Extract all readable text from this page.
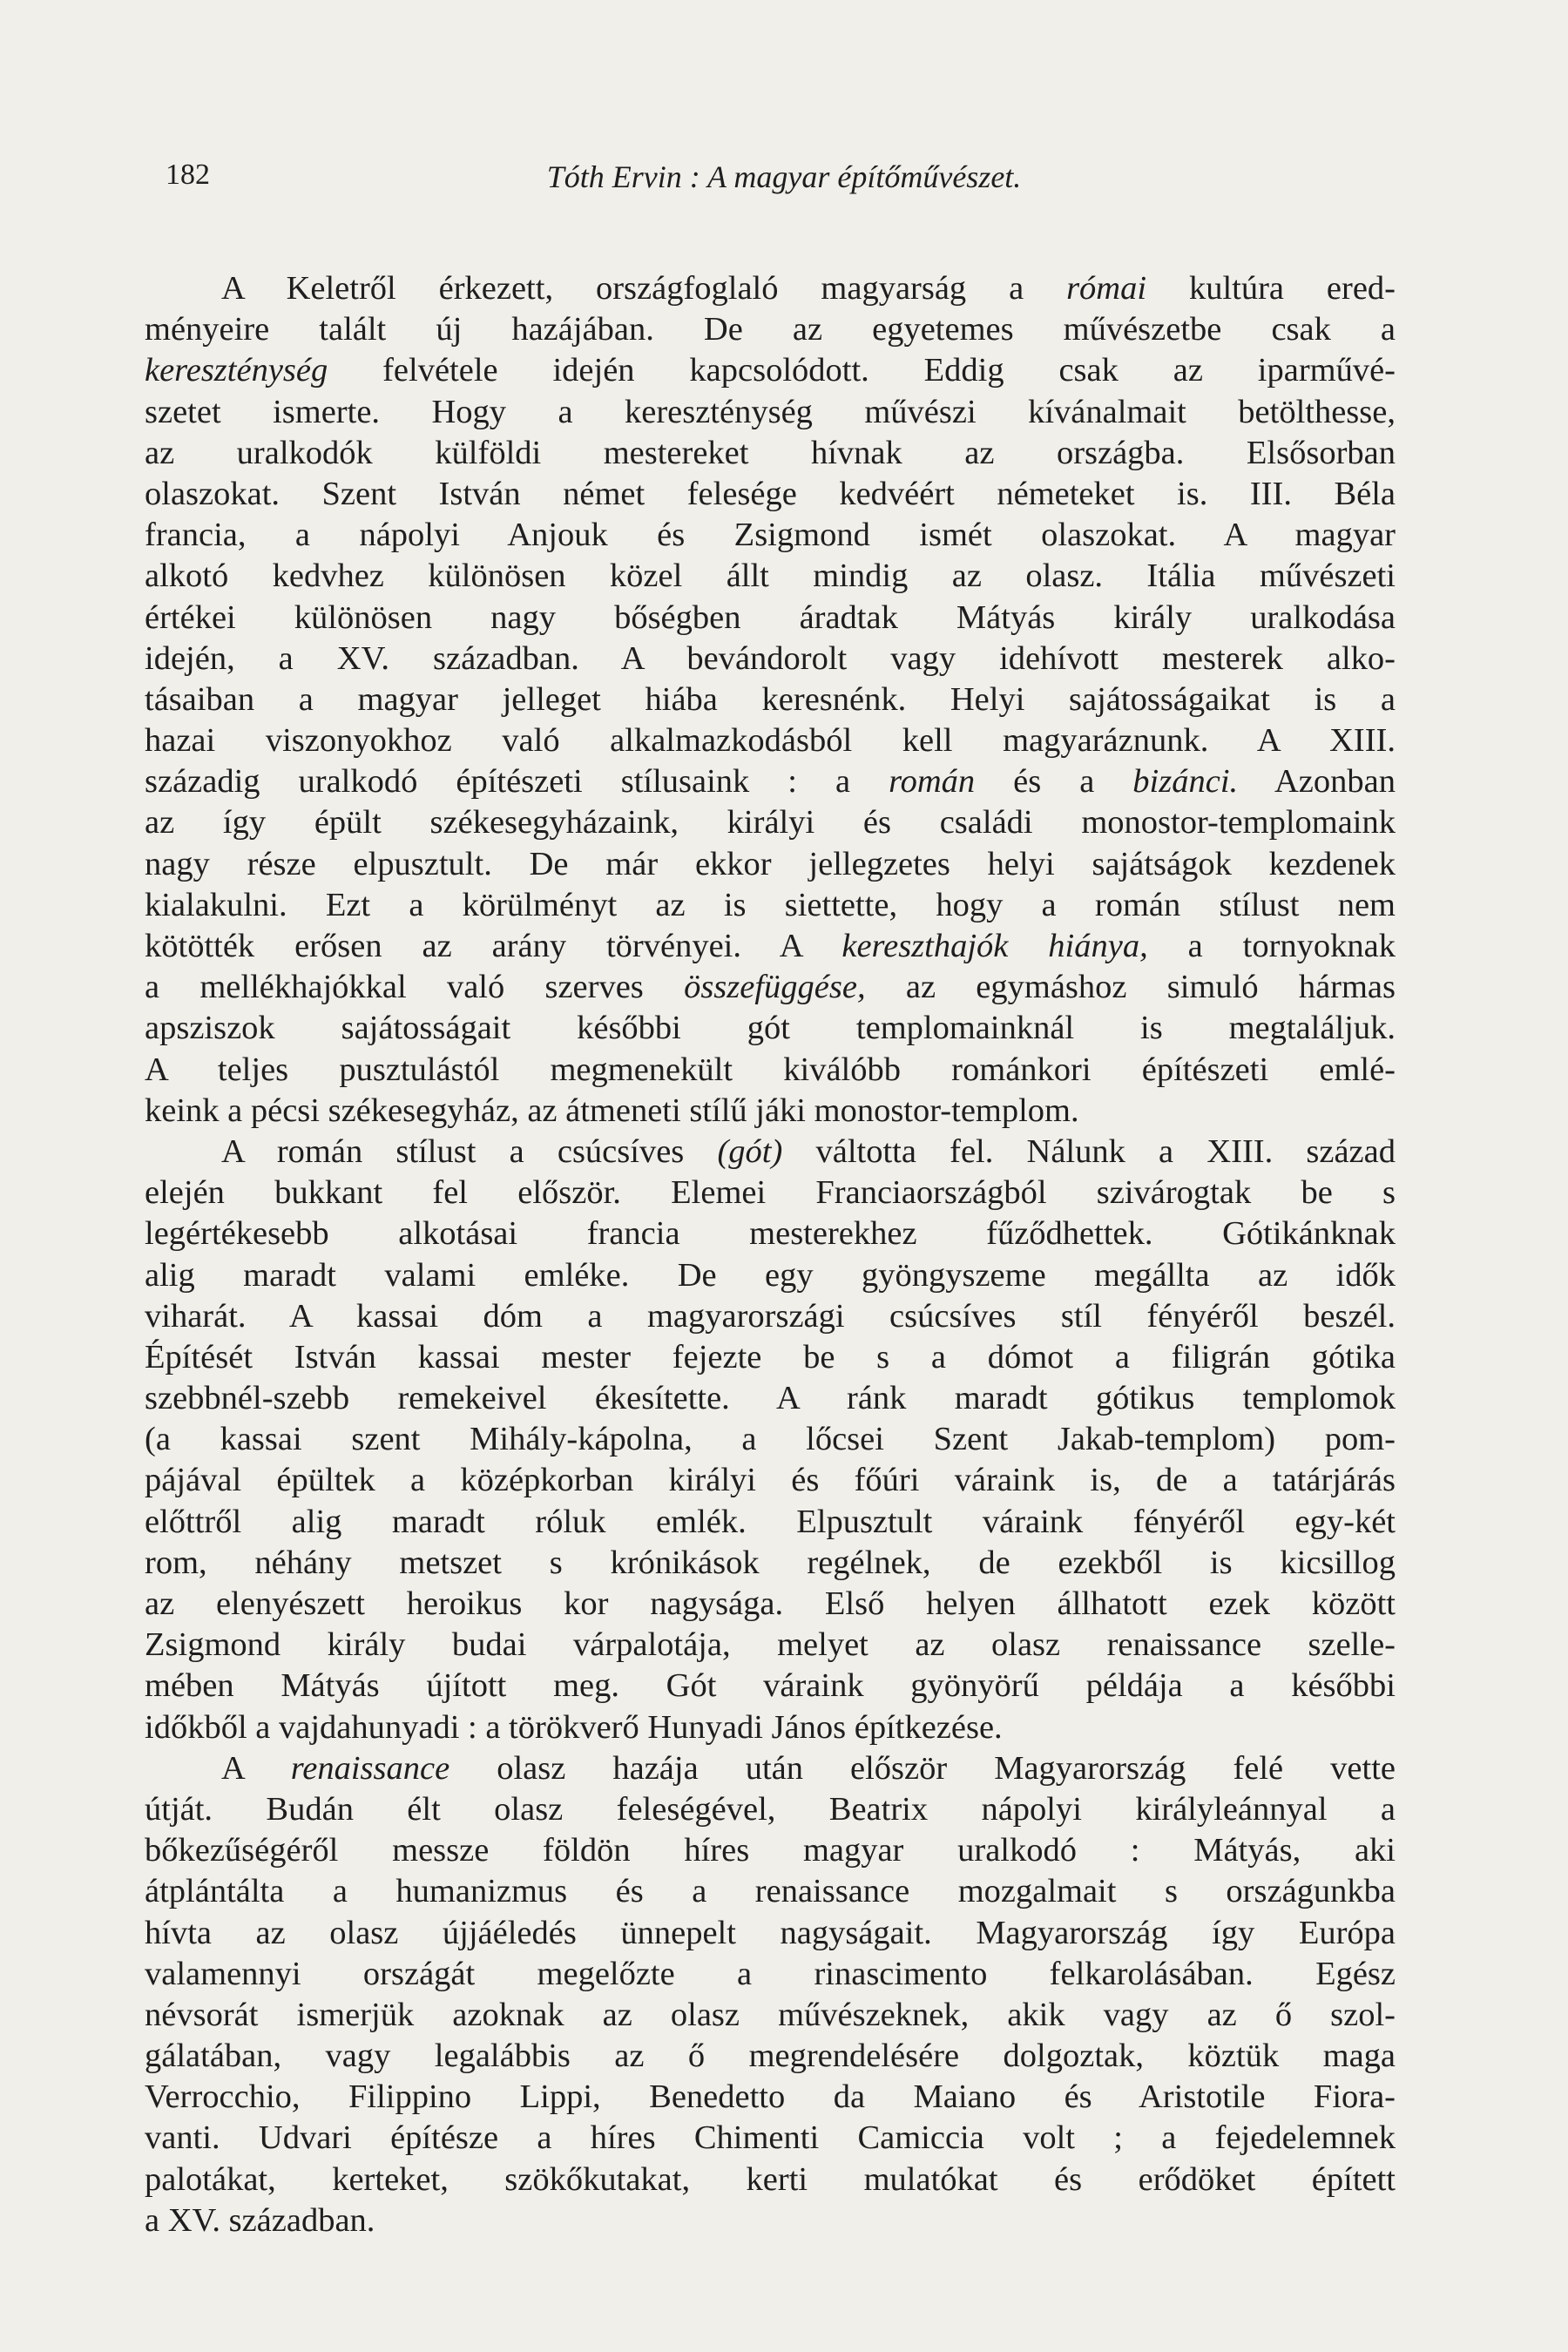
182	Tóth Ervin : A magyar építőművészet.
A Keletről érkezett, országfoglaló magyarság a római kultúra ered-
ményeire talált új hazájában. De az egyetemes művészetbe csak a
kereszténység felvétele idején kapcsolódott. Eddig csak az iparművé-
szetet ismerte. Hogy a kereszténység művészi kívánalmait betölthesse,
az uralkodók külföldi mestereket hívnak az országba. Elsősorban
olaszokat. Szent István német felesége kedvéért németeket is. III. Béla
francia, a nápolyi Anjouk és Zsigmond ismét olaszokat. A magyar
alkotó kedvhez különösen közel állt mindig az olasz. Itália művészeti
értékei különösen nagy bőségben áradtak Mátyás király uralkodása
idején, a XV. században. A bevándorolt vagy idehívott mesterek alko-
tásaiban a magyar jelleget hiába keresnénk. Helyi sajátosságaikat is a
hazai viszonyokhoz való alkalmazkodásból kell magyaráznunk. A XIII.
századig uralkodó építészeti stílusaink : a román és a bizánci. Azonban
az így épült székesegyházaink, királyi és családi monostor-templomaink
nagy része elpusztult. De már ekkor jellegzetes helyi sajátságok kezdenek
kialakulni. Ezt a körülményt az is siettette, hogy a román stílust nem
kötötték erősen az arány törvényei. A kereszthajók hiánya, a tornyoknak
a mellékhajókkal való szerves összefüggése, az egymáshoz simuló hármas
apsziszok sajátosságait későbbi gót templomainknál is megtaláljuk.
A teljes pusztulástól megmenekült kiválóbb románkori építészeti emlé-
keink a pécsi székesegyház, az átmeneti stílű jáki monostor-templom.
A román stílust a csúcsíves (gót) váltotta fel. Nálunk a XIII. század
elején bukkant fel először. Elemei Franciaországból szivárogtak be s
legértékesebb alkotásai francia mesterekhez fűződhettek. Gótikánknak
alig maradt valami emléke. De egy gyöngyszeme megállta az idők
viharát. A kassai dóm a magyarországi csúcsíves stíl fényéről beszél.
Építését István kassai mester fejezte be s a dómot a filigrán gótika
szebbnél-szebb remekeivel ékesítette. A ránk maradt gótikus templomok
(a kassai szent Mihály-kápolna, a lőcsei Szent Jakab-templom) pom-
pájával épültek a középkorban királyi és főúri váraink is, de a tatárjárás
előttről alig maradt róluk emlék. Elpusztult váraink fényéről egy-két
rom, néhány metszet s krónikások regélnek, de ezekből is kicsillog
az elenyészett heroikus kor nagysága. Első helyen állhatott ezek között
Zsigmond király budai várpalotája, melyet az olasz renaissance szelle-
mében Mátyás újított meg. Gót váraink gyönyörű példája a későbbi
időkből a vajdahunyadi : a törökverő Hunyadi János építkezése.
A renaissance olasz hazája után először Magyarország felé vette
útját. Budán élt olasz feleségével, Beatrix nápolyi királyleánnyal a
bőkezűségéről messze földön híres magyar uralkodó : Mátyás, aki
átplántálta a humanizmus és a renaissance mozgalmait s országunkba
hívta az olasz újjáéledés ünnepelt nagyságait. Magyarország így Európa
valamennyi országát megelőzte a rinascimento felkarolásában. Egész
névsorát ismerjük azoknak az olasz művészeknek, akik vagy az ő szol-
gálatában, vagy legalábbis az ő megrendelésére dolgoztak, köztük maga
Verrocchio, Filippino Lippi, Benedetto da Maiano és Aristotile Fiora-
vanti. Udvari építésze a híres Chimenti Camiccia volt ; a fejedelemnek
palotákat, kerteket, szökőkutakat, kerti mulatókat és erődöket épített
a XV. században.
